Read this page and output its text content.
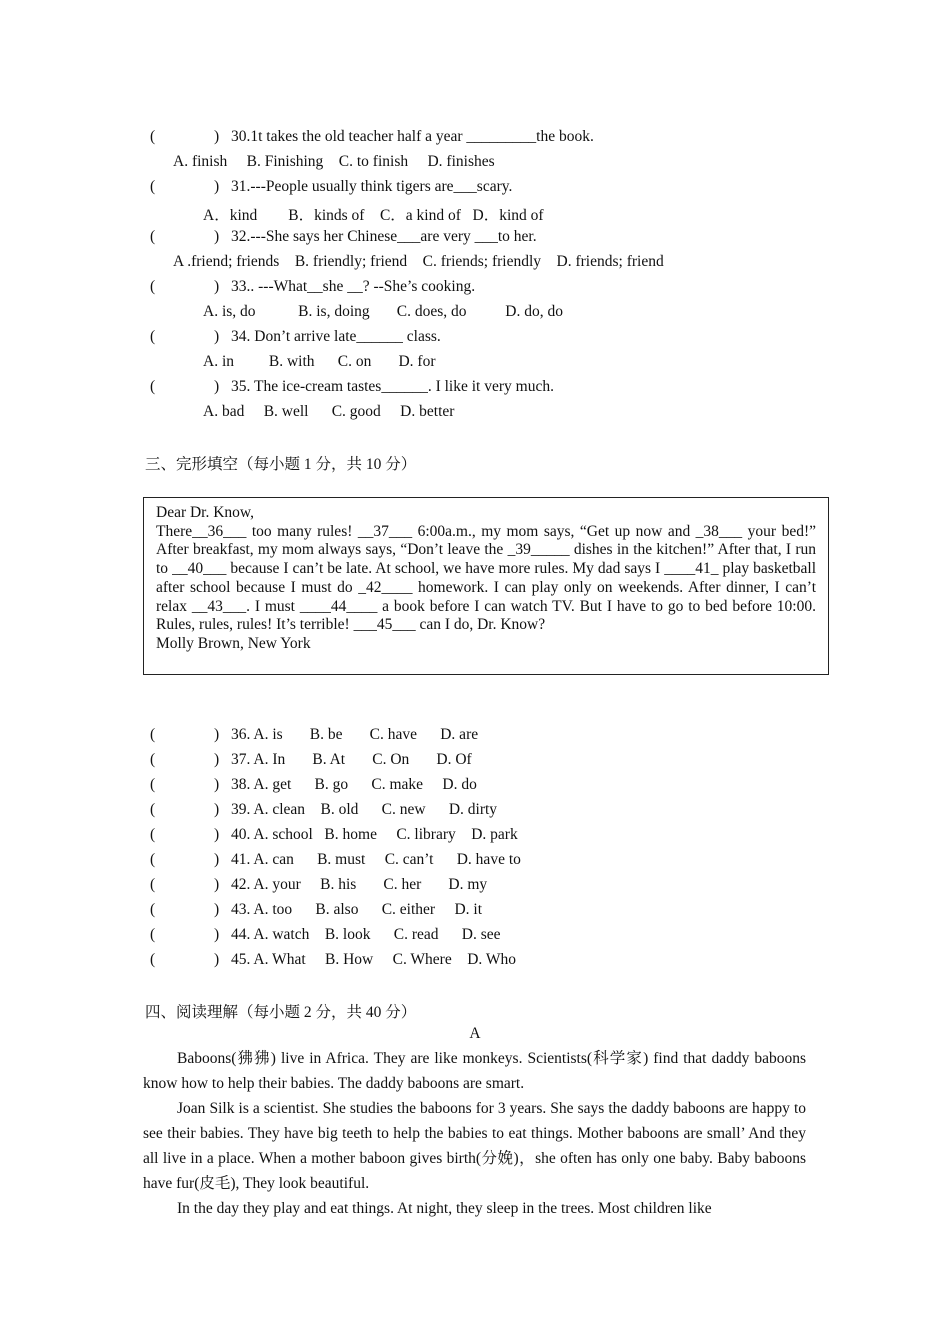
(	) 30.1t takes the old teacher half a year _________the book.
A. finish     B. Finishing    C. to finish     D. finishes
(	) 31.---People usually think tigers are___scary.
A．kind        B．kinds of    C．a kind of   D．kind of
(	) 32.---She says her Chinese___are very ___to her.
A .friend; friends    B. friendly; friend    C. friends; friendly    D. friends; friend
(	) 33.. ---What__she __? --She’s cooking.
A. is, do           B. is, doing       C. does, do          D. do, do
(	) 34. Don’t arrive late______ class.
A. in         B. with      C. on       D. for
(	) 35. The ice-cream tastes______. I like it very much.
A. bad     B. well      C. good     D. better
三、完形填空（每小题 1 分，共 10 分）

Dear Dr. Know,

There__36___ too many rules! __37___ 6:00a.m., my mom says, “Get up now and _38___ your bed!” After breakfast, my mom always says, “Don’t leave the _39_____ dishes in the kitchen!” After that, I run to __40___ because I can’t be late. At school, we have more rules. My dad says I ____41_ play basketball after school because I must do _42____ homework. I can play only on weekends. After dinner, I can’t relax __43___. I must ____44____ a book before I can watch TV. But I have to go to bed before 10:00. Rules, rules, rules! It’s terrible! ___45___ can I do, Dr. Know?

Molly Brown, New York

(	) 36. A. is       B. be       C. have      D. are
(	) 37. A. In       B. At       C. On       D. Of
(	) 38. A. get      B. go      C. make     D. do
(	) 39. A. clean    B. old      C. new      D. dirty
(	) 40. A. school   B. home     C. library    D. park
(	) 41. A. can      B. must     C. can’t      D. have to
(	) 42. A. your     B. his       C. her       D. my
(	) 43. A. too      B. also      C. either     D. it
(	) 44. A. watch    B. look      C. read      D. see
(	) 45. A. What     B. How     C. Where    D. Who
四、阅读理解（每小题 2 分，共 40 分）
A

Baboons(狒狒) live in Africa. They are like monkeys. Scientists(科学家) find that daddy baboons know how to help their babies. The daddy baboons are smart.

Joan Silk is a scientist. She studies the baboons for 3 years. She says the daddy baboons are happy to see their babies. They have big teeth to help the babies to eat things. Mother baboons are small’ And they all live in a place. When a mother baboon gives birth(分娩)，she often has only one baby. Baby baboons have fur(皮毛), They look beautiful.

In the day they play and eat things. At night, they sleep in the trees. Most children like
